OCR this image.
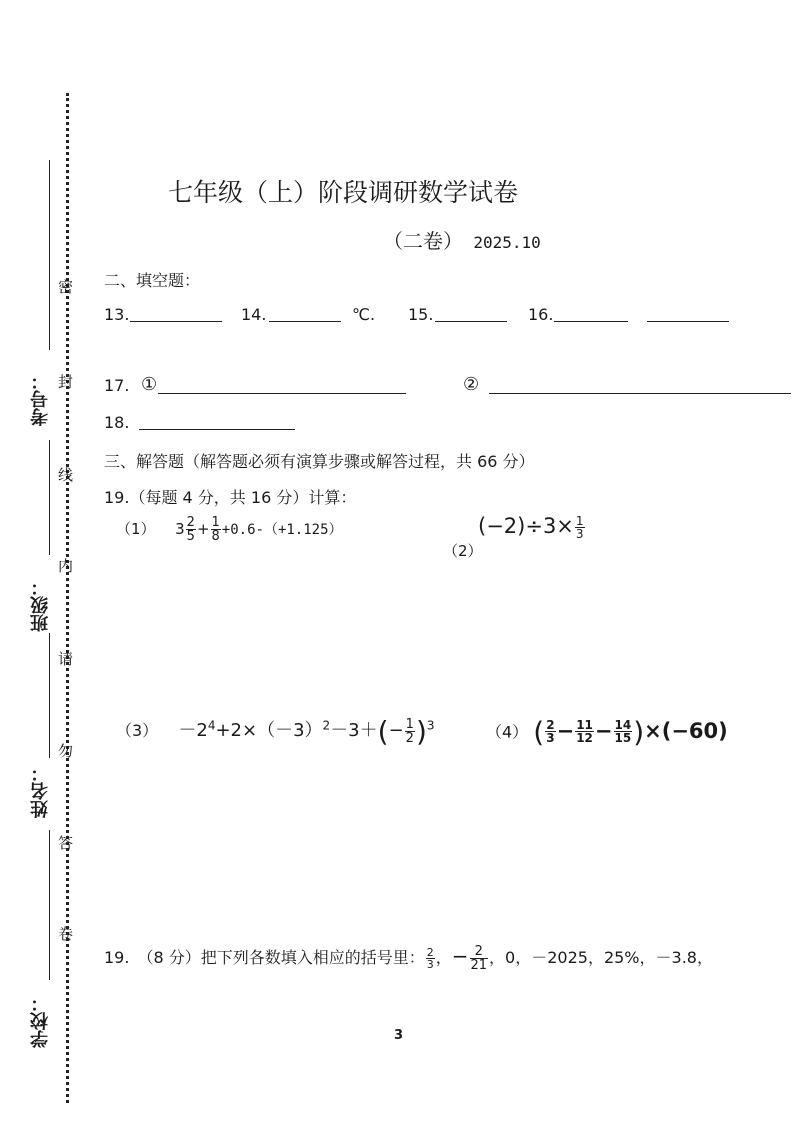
考号：
班级：
姓名：
学校：
密
封
线
内
请
勿
答
卷
七年级（上）阶段调研数学试卷
（二卷） 2025.10
二、填空题：
13.	14.	℃. 15.	16.
17. ①	②
18.
三、解答题（解答题必须有演算步骤或解答过程，共 66 分）
19.（每题 4 分，共 16 分）计算：
（1） $3 \frac{2}{5} + \frac{1}{8} +0.6-(+1.125)$
（2）
$(-2)\div 3\times \frac{1}{3}$
$(3) -2^4+2\times(-3)^2-3+(- \frac{1}{2} )^3$	（4） ( $\frac{2}{3} - \frac{11}{12} - \frac{14}{15} )\times(-60)$
19.　（8 分）把下列各数填入相应的括号里： $\frac{2}{3}$ ，− $\frac{2}{21}$ ，0，－2025，25%，－3.8，
3
